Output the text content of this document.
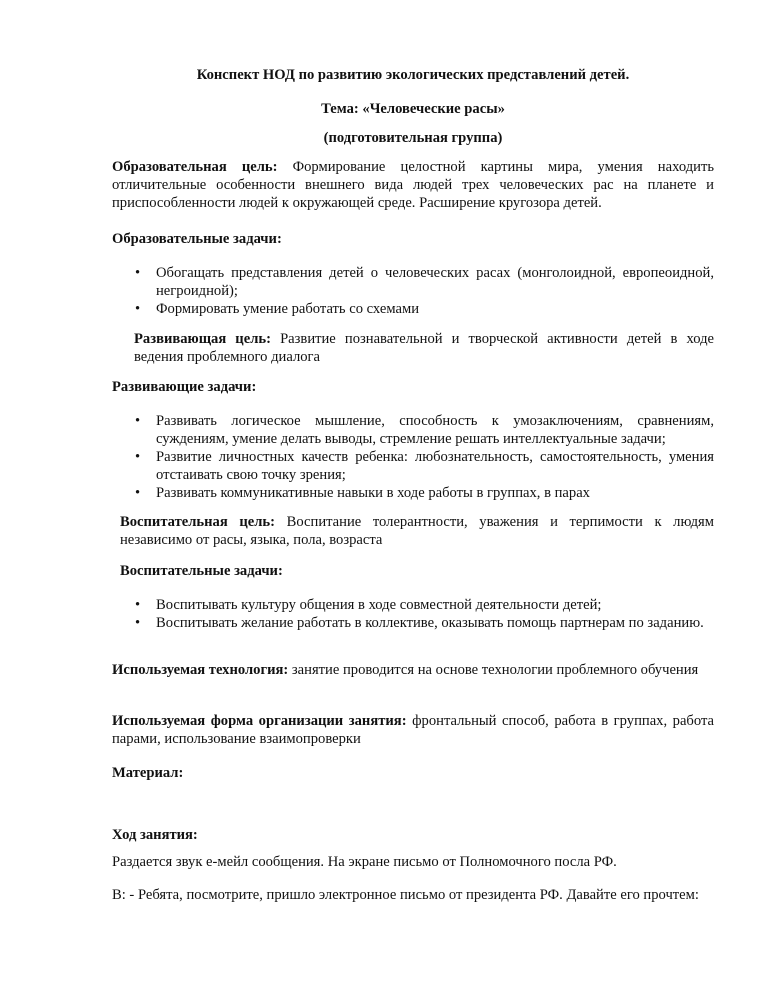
Конспект НОД по развитию экологических представлений детей.
Тема: «Человеческие расы»
(подготовительная группа)
Образовательная цель: Формирование целостной картины мира, умения находить отличительные особенности внешнего вида людей трех человеческих рас на планете и приспособленности людей к окружающей среде. Расширение кругозора детей.
Образовательные задачи:
• Обогащать представления детей о человеческих расах (монголоидной, европеоидной, негроидной);
• Формировать умение работать со схемами
Развивающая цель: Развитие познавательной и творческой активности детей в ходе ведения проблемного диалога
Развивающие задачи:
• Развивать логическое мышление, способность к умозаключениям, сравнениям, суждениям, умение делать выводы, стремление решать интеллектуальные задачи;
• Развитие личностных качеств ребенка: любознательность, самостоятельность, умения отстаивать свою точку зрения;
• Развивать коммуникативные навыки в ходе работы в группах, в парах
Воспитательная цель: Воспитание толерантности, уважения и терпимости к людям независимо от расы, языка, пола, возраста
Воспитательные задачи:
• Воспитывать культуру общения в ходе совместной деятельности детей;
• Воспитывать желание работать в коллективе, оказывать помощь партнерам по заданию.
Используемая технология: занятие проводится на основе технологии проблемного обучения
Используемая форма организации занятия: фронтальный способ, работа в группах, работа парами, использование взаимопроверки
Материал:
Ход занятия:
Раздается звук е-мейл сообщения. На экране письмо от Полномочного посла РФ.
В: - Ребята, посмотрите, пришло электронное письмо от президента РФ. Давайте его прочтем:
